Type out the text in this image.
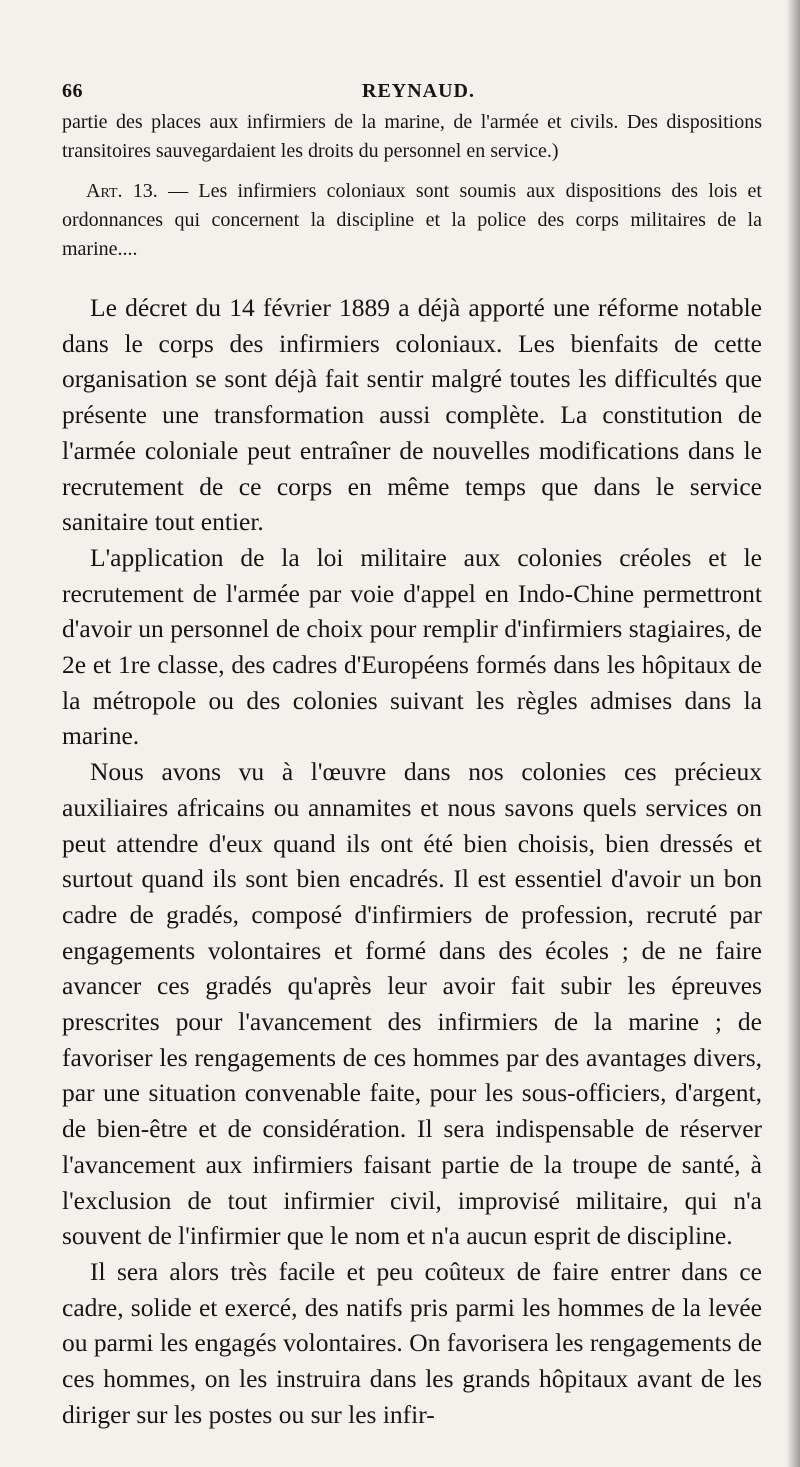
66	REYNAUD.

partie des places aux infirmiers de la marine, de l'armée et civils. Des dispositions transitoires sauvegardaient les droits du personnel en service.)

Art. 13. — Les infirmiers coloniaux sont soumis aux dispositions des lois et ordonnances qui concernent la discipline et la police des corps militaires de la marine....

Le décret du 14 février 1889 a déjà apporté une réforme notable dans le corps des infirmiers coloniaux. Les bienfaits de cette organisation se sont déjà fait sentir malgré toutes les difficultés que présente une transformation aussi complète. La constitution de l'armée coloniale peut entraîner de nouvelles modifications dans le recrutement de ce corps en même temps que dans le service sanitaire tout entier.

L'application de la loi militaire aux colonies créoles et le recrutement de l'armée par voie d'appel en Indo-Chine permettront d'avoir un personnel de choix pour remplir d'infirmiers stagiaires, de 2e et 1re classe, des cadres d'Européens formés dans les hôpitaux de la métropole ou des colonies suivant les règles admises dans la marine.

Nous avons vu à l'œuvre dans nos colonies ces précieux auxiliaires africains ou annamites et nous savons quels services on peut attendre d'eux quand ils ont été bien choisis, bien dressés et surtout quand ils sont bien encadrés. Il est essentiel d'avoir un bon cadre de gradés, composé d'infirmiers de profession, recruté par engagements volontaires et formé dans des écoles ; de ne faire avancer ces gradés qu'après leur avoir fait subir les épreuves prescrites pour l'avancement des infirmiers de la marine ; de favoriser les rengagements de ces hommes par des avantages divers, par une situation convenable faite, pour les sous-officiers, d'argent, de bien-être et de considération. Il sera indispensable de réserver l'avancement aux infirmiers faisant partie de la troupe de santé, à l'exclusion de tout infirmier civil, improvisé militaire, qui n'a souvent de l'infirmier que le nom et n'a aucun esprit de discipline.

Il sera alors très facile et peu coûteux de faire entrer dans ce cadre, solide et exercé, des natifs pris parmi les hommes de la levée ou parmi les engagés volontaires. On favorisera les rengagements de ces hommes, on les instruira dans les grands hôpitaux avant de les diriger sur les postes ou sur les infir-
